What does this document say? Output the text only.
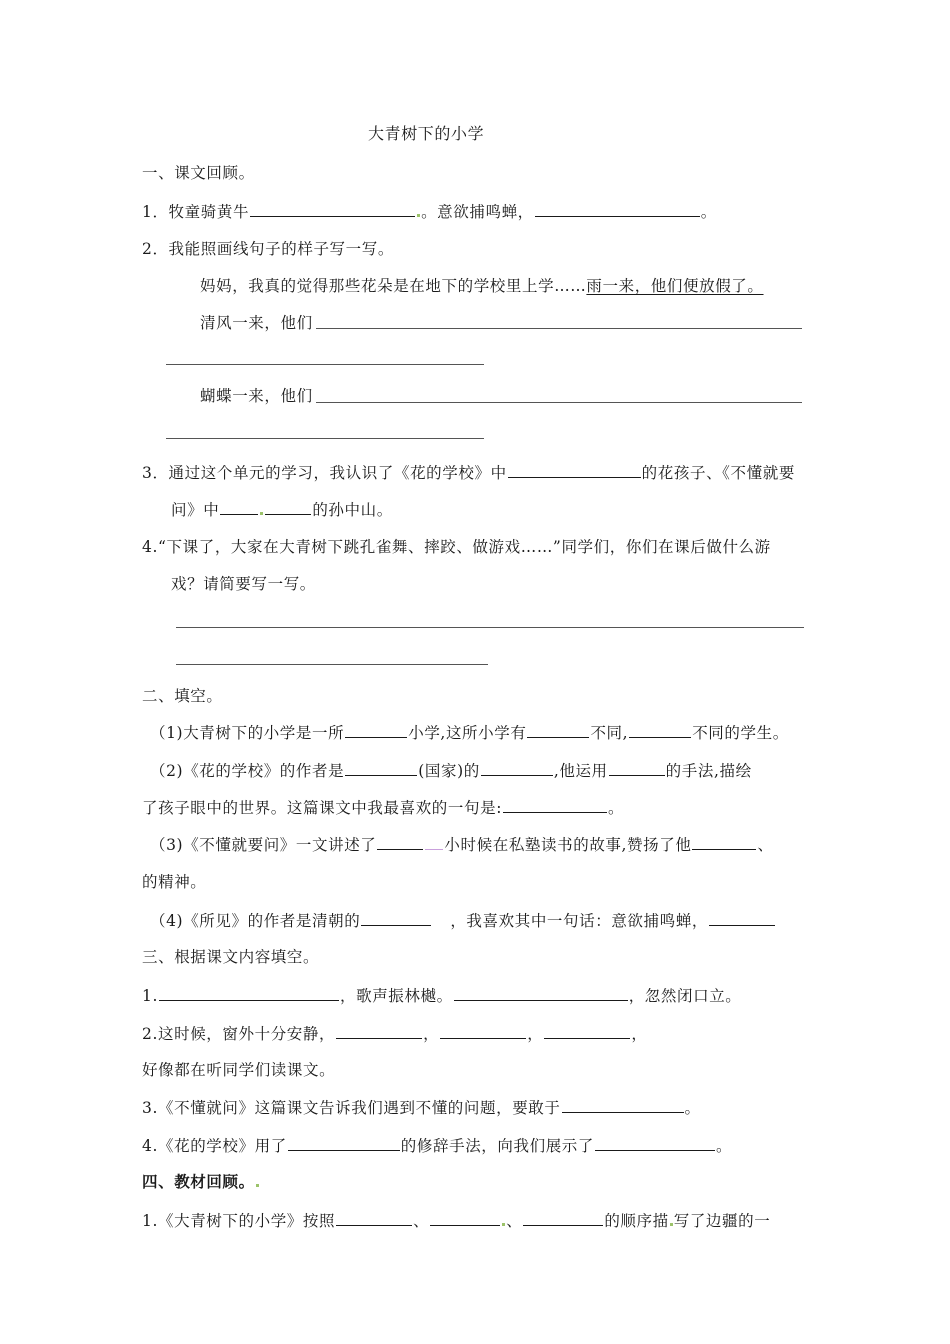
大青树下的小学
一、课文回顾。
1．牧童骑黄牛	。意欲捕鸣蝉，	。
2．我能照画线句子的样子写一写。
妈妈，我真的觉得那些花朵是在地下的学校里上学……雨一来，他们便放假了。
清风一来，他们
蝴蝶一来，他们
3．通过这个单元的学习，我认识了《花的学校》中	的花孩子、《不懂就要
问》中	的孙中山。
4.“下课了，大家在大青树下跳孔雀舞、摔跤、做游戏……”同学们，你们在课后做什么游
戏？请简要写一写。
二、填空。
（1)大青树下的小学是一所	小学,这所小学有	不同,	不同的学生。
（2)《花的学校》的作者是	(国家)的	,他运用	的手法,描绘
了孩子眼中的世界。这篇课文中我最喜欢的一句是:	。
（3)《不懂就要问》一文讲述了	小时候在私塾读书的故事,赞扬了他	、
的精神。
（4)《所见》的作者是清朝的	，我喜欢其中一句话：意欲捕鸣蝉，
三、根据课文内容填空。
1.	，歌声振林樾。	，忽然闭口立。
2.这时候，窗外十分安静，	，	，	，
好像都在听同学们读课文。
3.《不懂就问》这篇课文告诉我们遇到不懂的问题，要敢于	。
4.《花的学校》用了	的修辞手法，向我们展示了	。
四、教材回顾。
1.《大青树下的小学》按照	、	、	的顺序描 写了边疆的一
